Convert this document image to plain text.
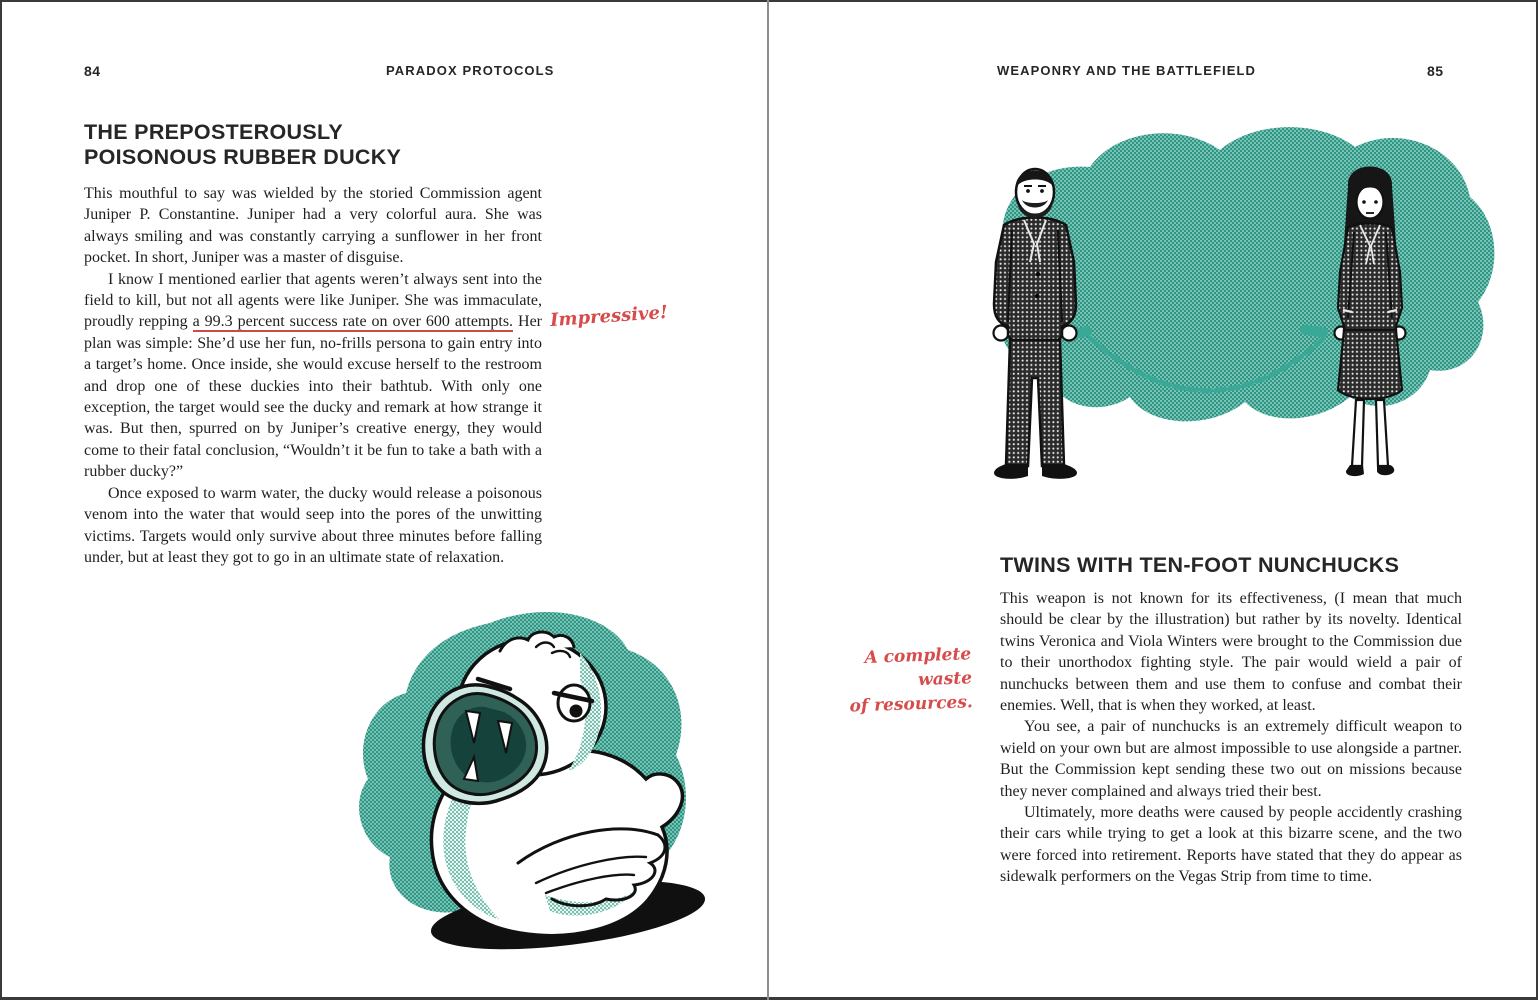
84	PARADOX PROTOCOLS
THE PREPOSTEROUSLY
POISONOUS RUBBER DUCKY

This mouthful to say was wielded by the storied Commission agent Juniper P. Constantine. Juniper had a very colorful aura. She was always smiling and was constantly carrying a sunflower in her front pocket. In short, Juniper was a master of disguise.

I know I mentioned earlier that agents weren’t always sent into the field to kill, but not all agents were like Juniper. She was immaculate, proudly repping a 99.3 percent success rate on over 600 attempts. Her plan was simple: She’d use her fun, no-frills persona to gain entry into a target’s home. Once inside, she would excuse herself to the restroom and drop one of these duckies into their bathtub. With only one exception, the target would see the ducky and remark at how strange it was. But then, spurred on by Juniper’s creative energy, they would come to their fatal conclusion, “Wouldn’t it be fun to take a bath with a rubber ducky?”

Once exposed to warm water, the ducky would release a poisonous venom into the water that would seep into the pores of the unwitting victims. Targets would only survive about three minutes before falling under, but at least they got to go in an ultimate state of relaxation.

Impressive!
WEAPONRY AND THE BATTLEFIELD	85
TWINS WITH TEN-FOOT NUNCHUCKS

This weapon is not known for its effectiveness, (I mean that much should be clear by the illustration) but rather by its novelty. Identical twins Veronica and Viola Winters were brought to the Commission due to their unorthodox fighting style. The pair would wield a pair of nunchucks between them and use them to confuse and combat their enemies. Well, that is when they worked, at least.

You see, a pair of nunchucks is an extremely difficult weapon to wield on your own but are almost impossible to use alongside a partner. But the Commission kept sending these two out on missions because they never complained and always tried their best.

Ultimately, more deaths were caused by people accidently crashing their cars while trying to get a look at this bizarre scene, and the two were forced into retirement. Reports have stated that they do appear as sidewalk performers on the Vegas Strip from time to time.

A complete waste
of resources.
